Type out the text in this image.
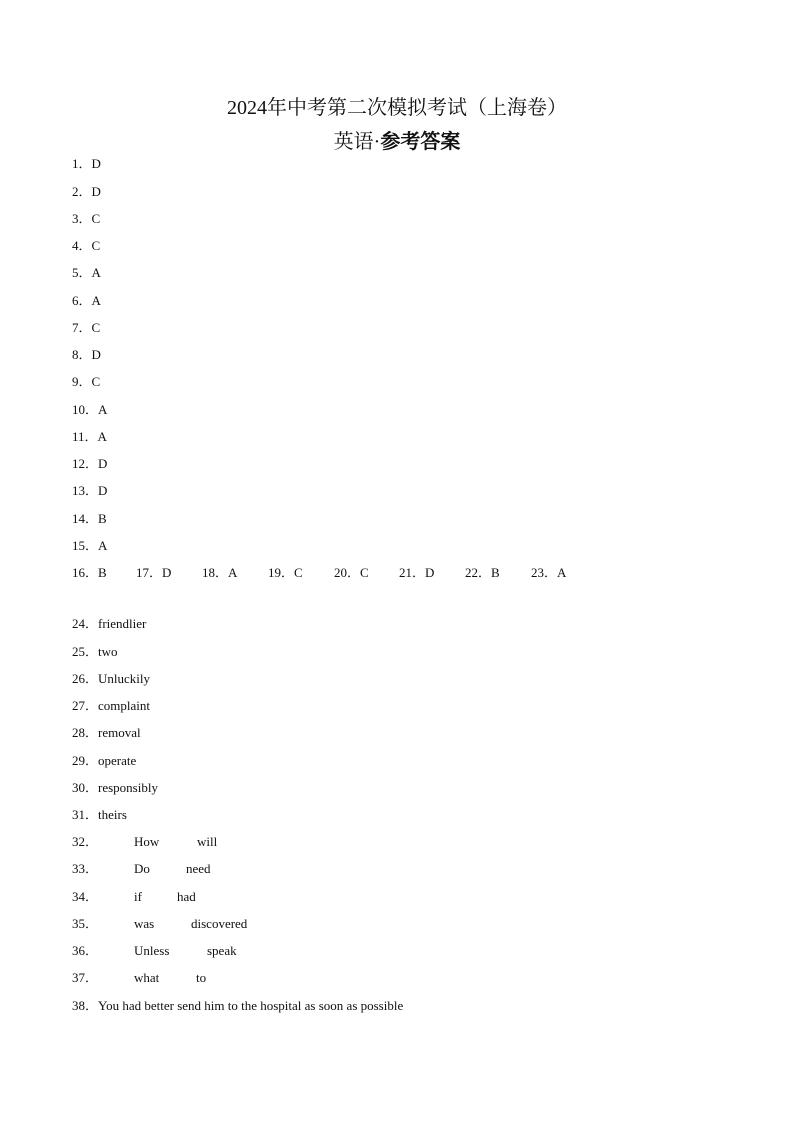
2024年中考第二次模拟考试（上海卷）
英语·参考答案
1．D
2．D
3．C
4．C
5．A
6．A
7．C
8．D
9．C
10．A
11．A
12．D
13．D
14．B
15．A
16．B 17．D 18．A 19．C 20．C 21．D 22．B 23．A
24．friendlier
25．two
26．Unluckily
27．complaint
28．removal
29．operate
30．responsibly
31．theirs
32．	How	will
33．	Do	need
34．	if	had
35．	was	discovered
36．	Unless	speak
37．	what	to
38．You had better send him to the hospital as soon as possible
